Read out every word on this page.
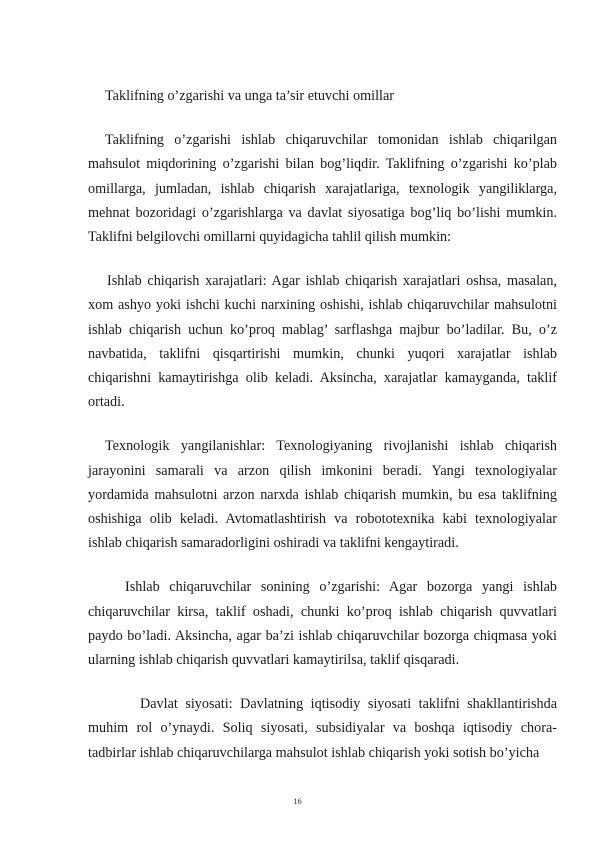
Taklifning o’zgarishi va unga ta’sir etuvchi omillar

Taklifning o’zgarishi ishlab chiqaruvchilar tomonidan ishlab chiqarilgan mahsulot miqdorining o’zgarishi bilan bog’liqdir. Taklifning o’zgarishi ko’plab omillarga, jumladan, ishlab chiqarish xarajatlariga, texnologik yangiliklarga, mehnat bozoridagi o’zgarishlarga va davlat siyosatiga bog’liq bo’lishi mumkin. Taklifni belgilovchi omillarni quyidagicha tahlil qilish mumkin:

Ishlab chiqarish xarajatlari: Agar ishlab chiqarish xarajatlari oshsa, masalan, xom ashyo yoki ishchi kuchi narxining oshishi, ishlab chiqaruvchilar mahsulotni ishlab chiqarish uchun ko’proq mablag’ sarflashga majbur bo’ladilar. Bu, o’z navbatida, taklifni qisqartirishi mumkin, chunki yuqori xarajatlar ishlab chiqarishni kamaytirishga olib keladi. Aksincha, xarajatlar kamayganda, taklif ortadi.

Texnologik yangilanishlar: Texnologiyaning rivojlanishi ishlab chiqarish jarayonini samarali va arzon qilish imkonini beradi. Yangi texnologiyalar yordamida mahsulotni arzon narxda ishlab chiqarish mumkin, bu esa taklifning oshishiga olib keladi. Avtomatlashtirish va robototexnika kabi texnologiyalar ishlab chiqarish samaradorligini oshiradi va taklifni kengaytiradi.

Ishlab chiqaruvchilar sonining o’zgarishi: Agar bozorga yangi ishlab chiqaruvchilar kirsa, taklif oshadi, chunki ko’proq ishlab chiqarish quvvatlari paydo bo’ladi. Aksincha, agar ba’zi ishlab chiqaruvchilar bozorga chiqmasa yoki ularning ishlab chiqarish quvvatlari kamaytirilsa, taklif qisqaradi.

Davlat siyosati: Davlatning iqtisodiy siyosati taklifni shakllantirishda muhim rol o’ynaydi. Soliq siyosati, subsidiyalar va boshqa iqtisodiy chora-tadbirlar ishlab chiqaruvchilarga mahsulot ishlab chiqarish yoki sotish bo’yicha

16
